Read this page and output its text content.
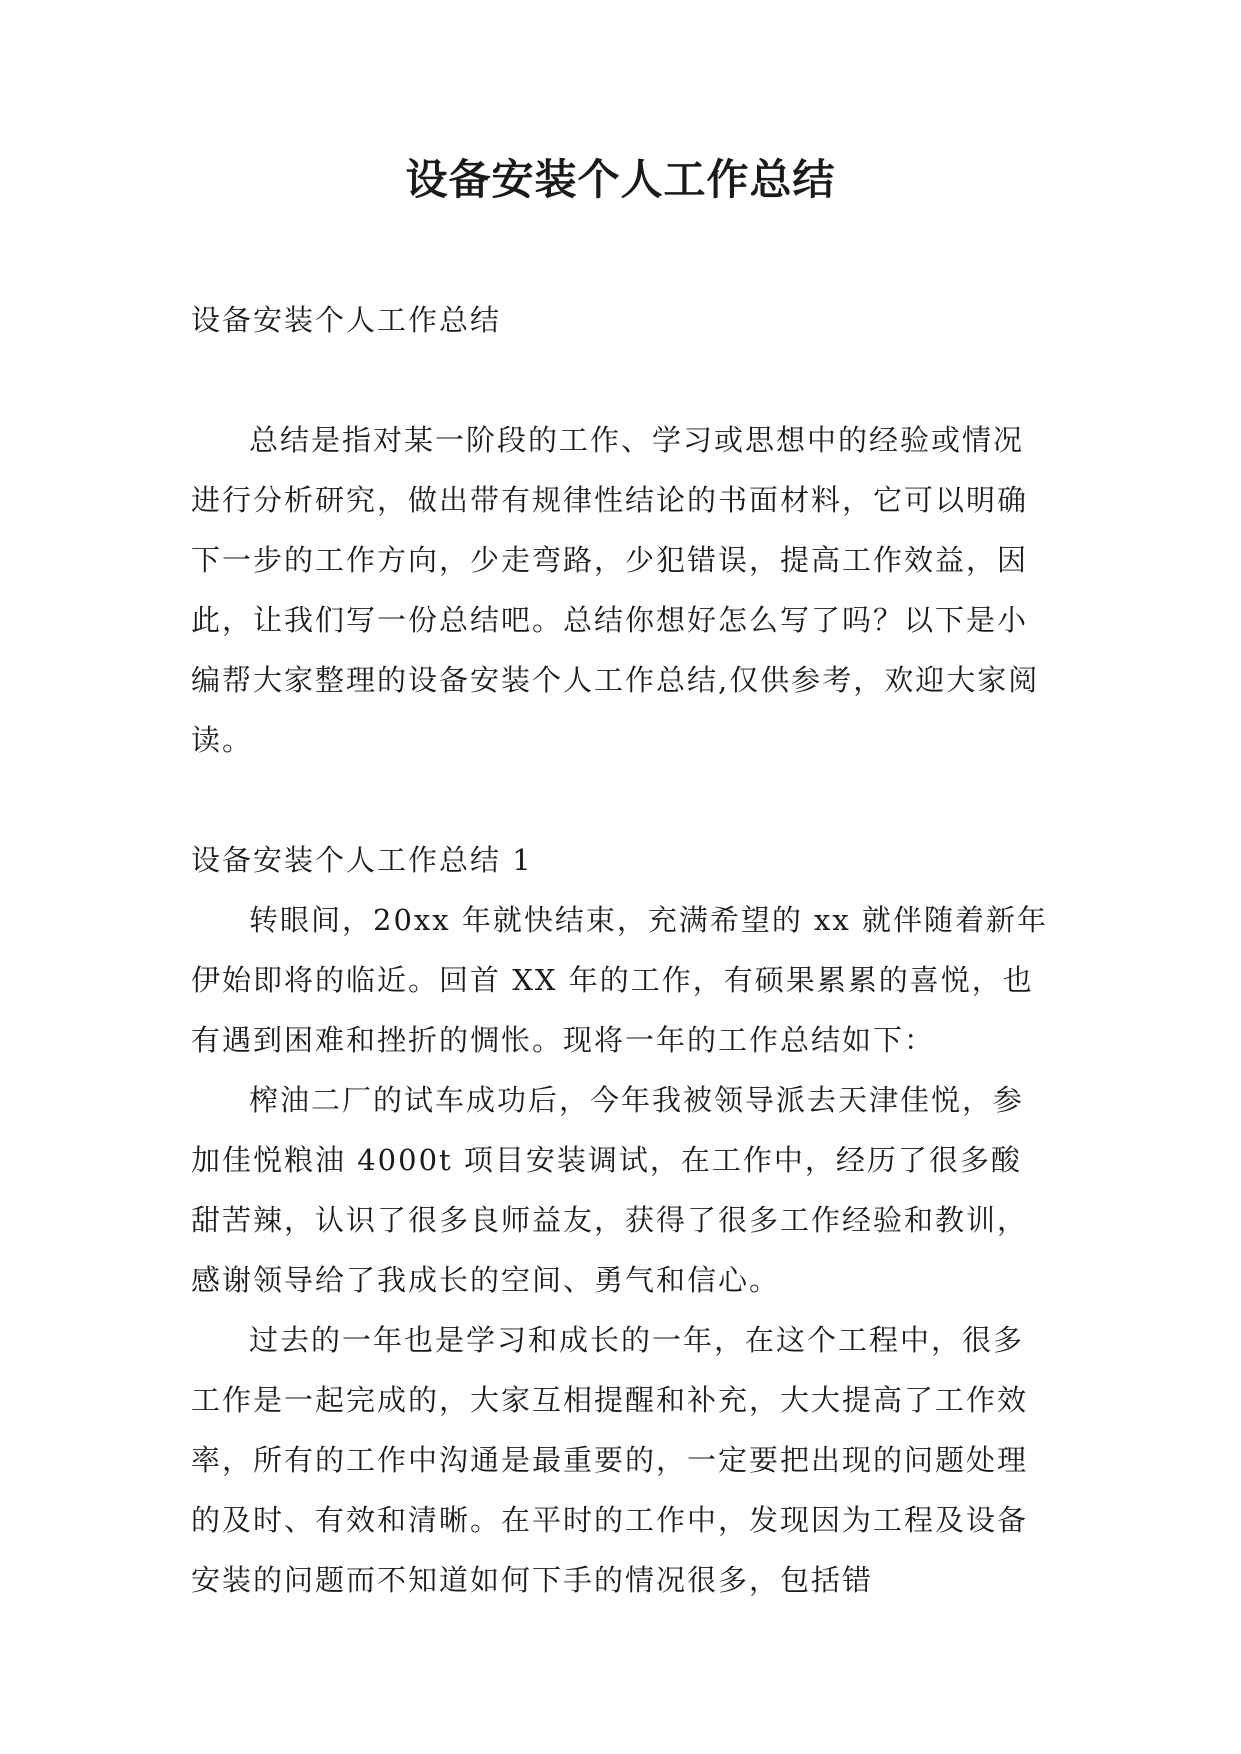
设备安装个人工作总结

设备安装个人工作总结

总结是指对某一阶段的工作、学习或思想中的经验或情况进行分析研究，做出带有规律性结论的书面材料，它可以明确下一步的工作方向，少走弯路，少犯错误，提高工作效益，因此，让我们写一份总结吧。总结你想好怎么写了吗？以下是小编帮大家整理的设备安装个人工作总结,仅供参考，欢迎大家阅读。

设备安装个人工作总结 1

转眼间，20xx 年就快结束，充满希望的 xx 就伴随着新年伊始即将的临近。回首 XX 年的工作，有硕果累累的喜悦，也有遇到困难和挫折的惆怅。现将一年的工作总结如下：

榨油二厂的试车成功后，今年我被领导派去天津佳悦，参加佳悦粮油 4000t 项目安装调试，在工作中，经历了很多酸甜苦辣，认识了很多良师益友，获得了很多工作经验和教训，感谢领导给了我成长的空间、勇气和信心。

过去的一年也是学习和成长的一年，在这个工程中，很多工作是一起完成的，大家互相提醒和补充，大大提高了工作效率，所有的工作中沟通是最重要的，一定要把出现的问题处理的及时、有效和清晰。在平时的工作中，发现因为工程及设备安装的问题而不知道如何下手的情况很多，包括错
